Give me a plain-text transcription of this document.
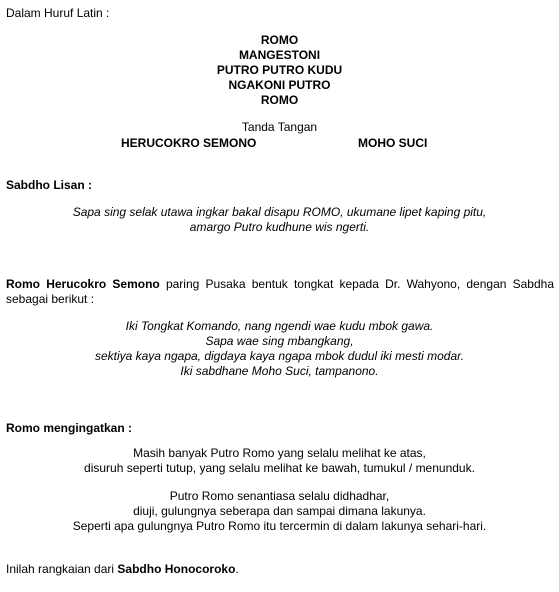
Dalam Huruf Latin :
ROMO
MANGESTONI
PUTRO PUTRO KUDU
NGAKONI PUTRO
ROMO
Tanda Tangan
HERUCOKRO SEMONO	MOHO SUCI
Sabdho Lisan :
Sapa sing selak utawa ingkar bakal disapu ROMO, ukumane lipet kaping pitu,
amargo Putro kudhune wis ngerti.
Romo Herucokro Semono paring Pusaka bentuk tongkat kepada Dr. Wahyono, dengan Sabdha
sebagai berikut :
Iki Tongkat Komando, nang ngendi wae kudu mbok gawa.
Sapa wae sing mbangkang,
sektiya kaya ngapa, digdaya kaya ngapa mbok dudul iki mesti modar.
Iki sabdhane Moho Suci, tampanono.
Romo mengingatkan :
Masih banyak Putro Romo yang selalu melihat ke atas,
disuruh seperti tutup, yang selalu melihat ke bawah, tumukul / menunduk.
Putro Romo senantiasa selalu didhadhar,
diuji, gulungnya seberapa dan sampai dimana lakunya.
Seperti apa gulungnya Putro Romo itu tercermin di dalam lakunya sehari-hari.
Inilah rangkaian dari Sabdho Honocoroko.
